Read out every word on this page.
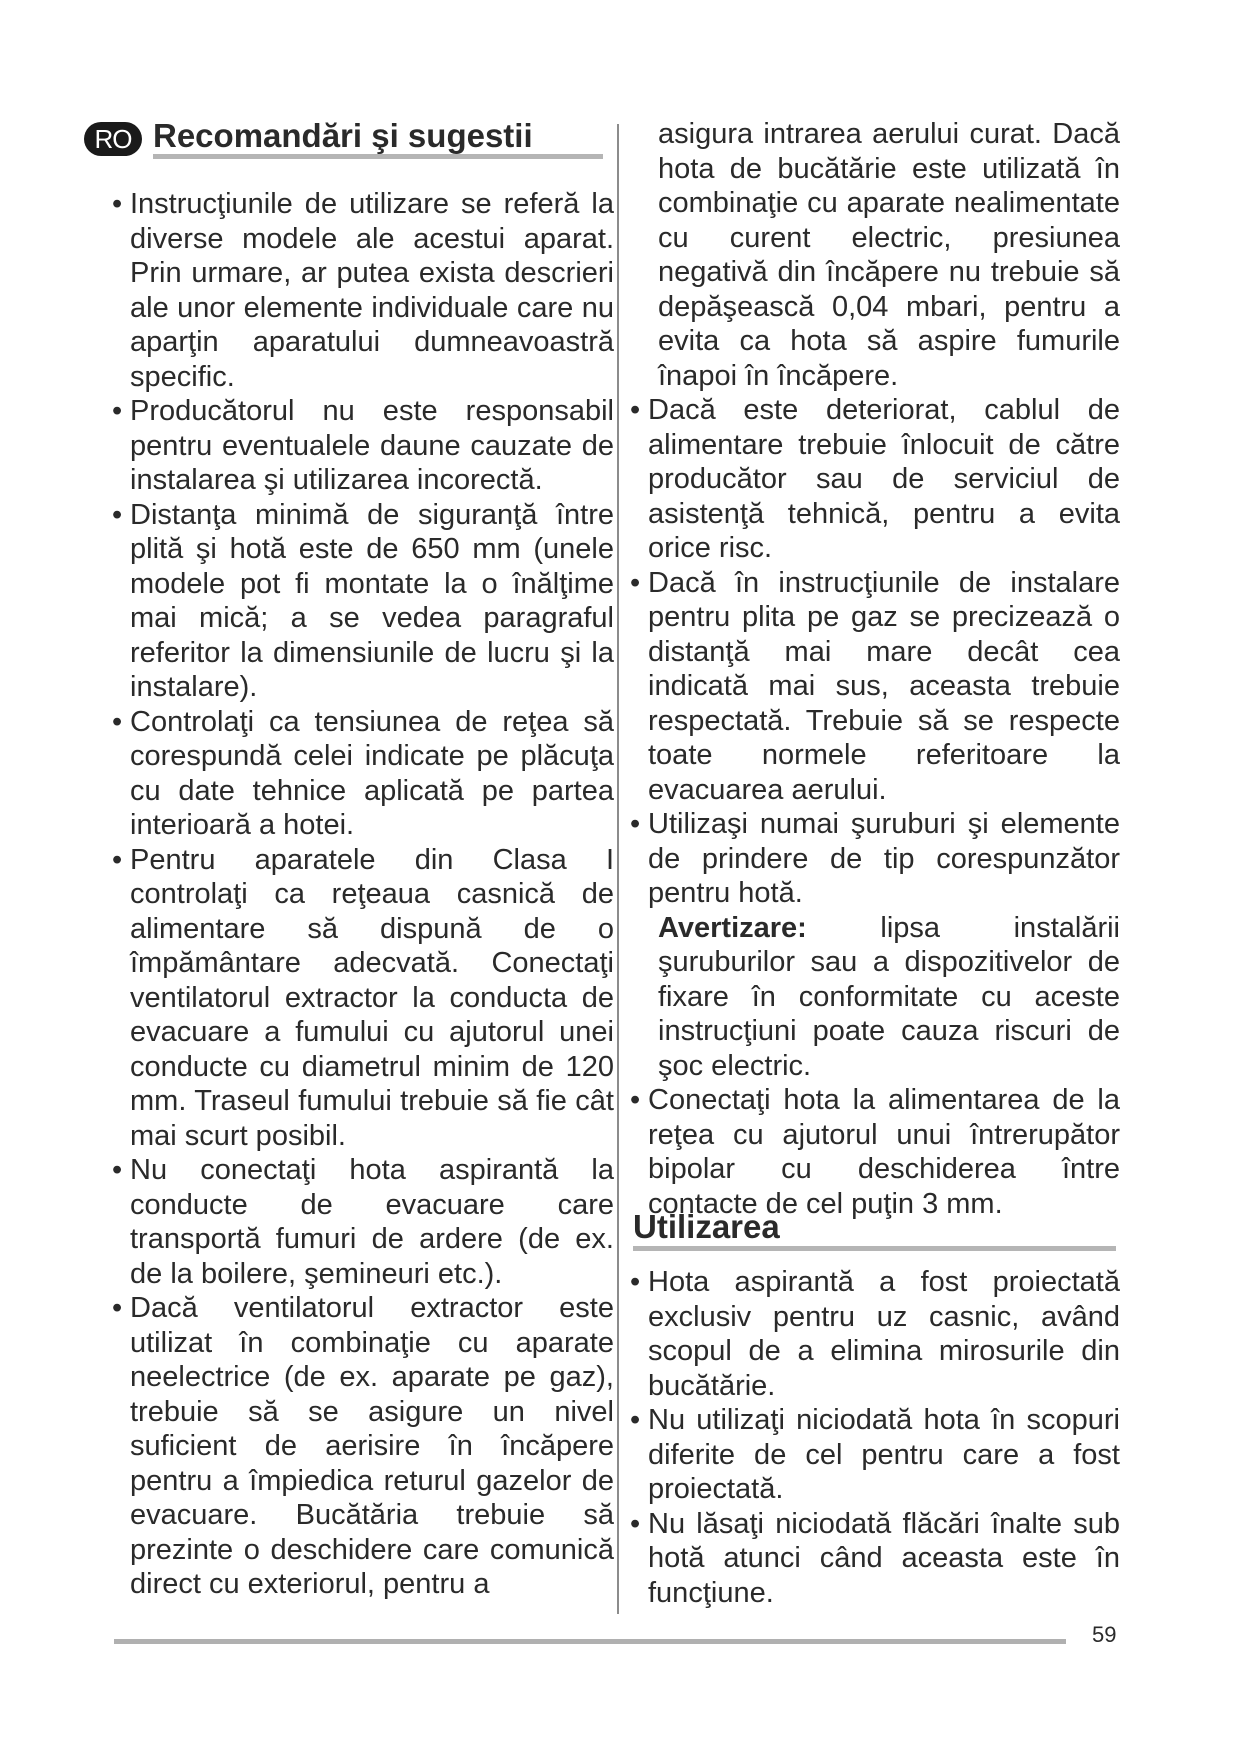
RO Recomandări şi sugestii
• Instrucţiunile de utilizare se referă la diverse modele ale acestui aparat. Prin urmare, ar putea exista descrieri ale unor elemente individuale care nu aparţin aparatului dumneavoastră specific.
• Producătorul nu este responsabil pentru eventualele daune cauzate de instalarea şi utilizarea incorectă.
• Distanţa minimă de siguranţă între plită şi hotă este de 650 mm (unele modele pot fi montate la o înălţime mai mică; a se vedea paragraful referitor la dimensiunile de lucru şi la instalare).
• Controlaţi ca tensiunea de reţea să corespundă celei indicate pe plăcuţa cu date tehnice aplicată pe partea interioară a hotei.
• Pentru aparatele din Clasa I controlaţi ca reţeaua casnică de alimentare să dispună de o împământare adecvată. Conectaţi ventilatorul extractor la conducta de evacuare a fumului cu ajutorul unei conducte cu diametrul minim de 120 mm. Traseul fumului trebuie să fie cât mai scurt posibil.
• Nu conectaţi hota aspirantă la conducte de evacuare care transportă fumuri de ardere (de ex. de la boilere, şemineuri etc.).
• Dacă ventilatorul extractor este utilizat în combinaţie cu aparate neelectrice (de ex. aparate pe gaz), trebuie să se asigure un nivel suficient de aerisire în încăpere pentru a împiedica returul gazelor de evacuare. Bucătăria trebuie să prezinte o deschidere care comunică direct cu exteriorul, pentru a
asigura intrarea aerului curat. Dacă hota de bucătărie este utilizată în combinaţie cu aparate nealimentate cu curent electric, presiunea negativă din încăpere nu trebuie să depăşească 0,04 mbari, pentru a evita ca hota să aspire fumurile înapoi în încăpere.
• Dacă este deteriorat, cablul de alimentare trebuie înlocuit de către producător sau de serviciul de asistenţă tehnică, pentru a evita orice risc.
• Dacă în instrucţiunile de instalare pentru plita pe gaz se precizează o distanţă mai mare decât cea indicată mai sus, aceasta trebuie respectată. Trebuie să se respecte toate normele referitoare la evacuarea aerului.
• Utilizaşi numai şuruburi şi elemente de prindere de tip corespunzător pentru hotă.
Avertizare: lipsa instalării şuruburilor sau a dispozitivelor de fixare în conformitate cu aceste instrucţiuni poate cauza riscuri de şoc electric.
• Conectaţi hota la alimentarea de la reţea cu ajutorul unui întrerupător bipolar cu deschiderea între contacte de cel puţin 3 mm.
Utilizarea
• Hota aspirantă a fost proiectată exclusiv pentru uz casnic, având scopul de a elimina mirosurile din bucătărie.
• Nu utilizaţi niciodată hota în scopuri diferite de cel pentru care a fost proiectată.
• Nu lăsaţi niciodată flăcări înalte sub hotă atunci când aceasta este în funcţiune.
59
